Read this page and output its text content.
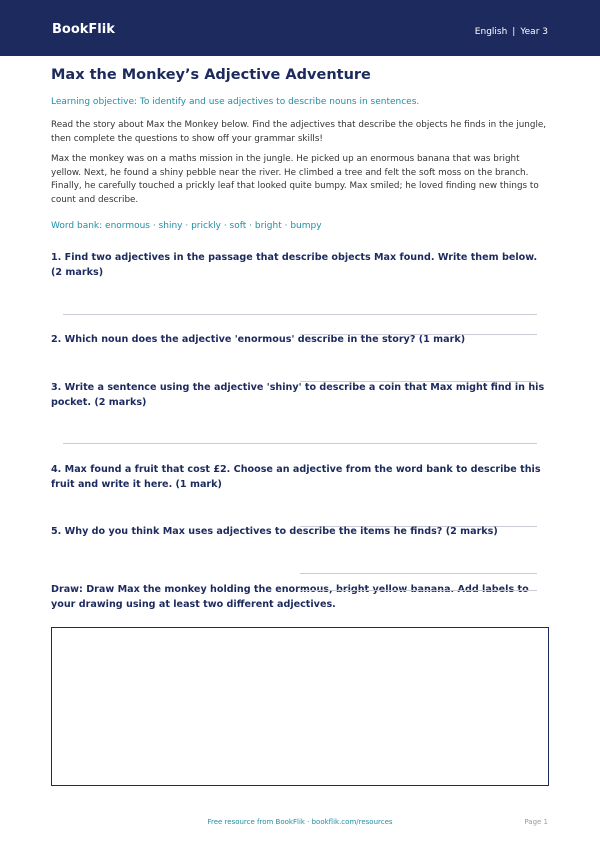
BookFlik	English | Year 3
Max the Monkey’s Adjective Adventure
Learning objective: To identify and use adjectives to describe nouns in sentences.
Read the story about Max the Monkey below. Find the adjectives that describe the objects he finds in the jungle, then complete the questions to show off your grammar skills!
Max the monkey was on a maths mission in the jungle. He picked up an enormous banana that was bright yellow. Next, he found a shiny pebble near the river. He climbed a tree and felt the soft moss on the branch. Finally, he carefully touched a prickly leaf that looked quite bumpy. Max smiled; he loved finding new things to count and describe.
Word bank: enormous · shiny · prickly · soft · bright · bumpy
1. Find two adjectives in the passage that describe objects Max found. Write them below. (2 marks)
2. Which noun does the adjective 'enormous' describe in the story? (1 mark)
3. Write a sentence using the adjective 'shiny' to describe a coin that Max might find in his pocket. (2 marks)
4. Max found a fruit that cost £2. Choose an adjective from the word bank to describe this fruit and write it here. (1 mark)
5. Why do you think Max uses adjectives to describe the items he finds? (2 marks)
Draw: Draw Max the monkey holding the enormous, bright yellow banana. Add labels to your drawing using at least two different adjectives.
Free resource from BookFlik · bookflik.com/resources	Page 1
